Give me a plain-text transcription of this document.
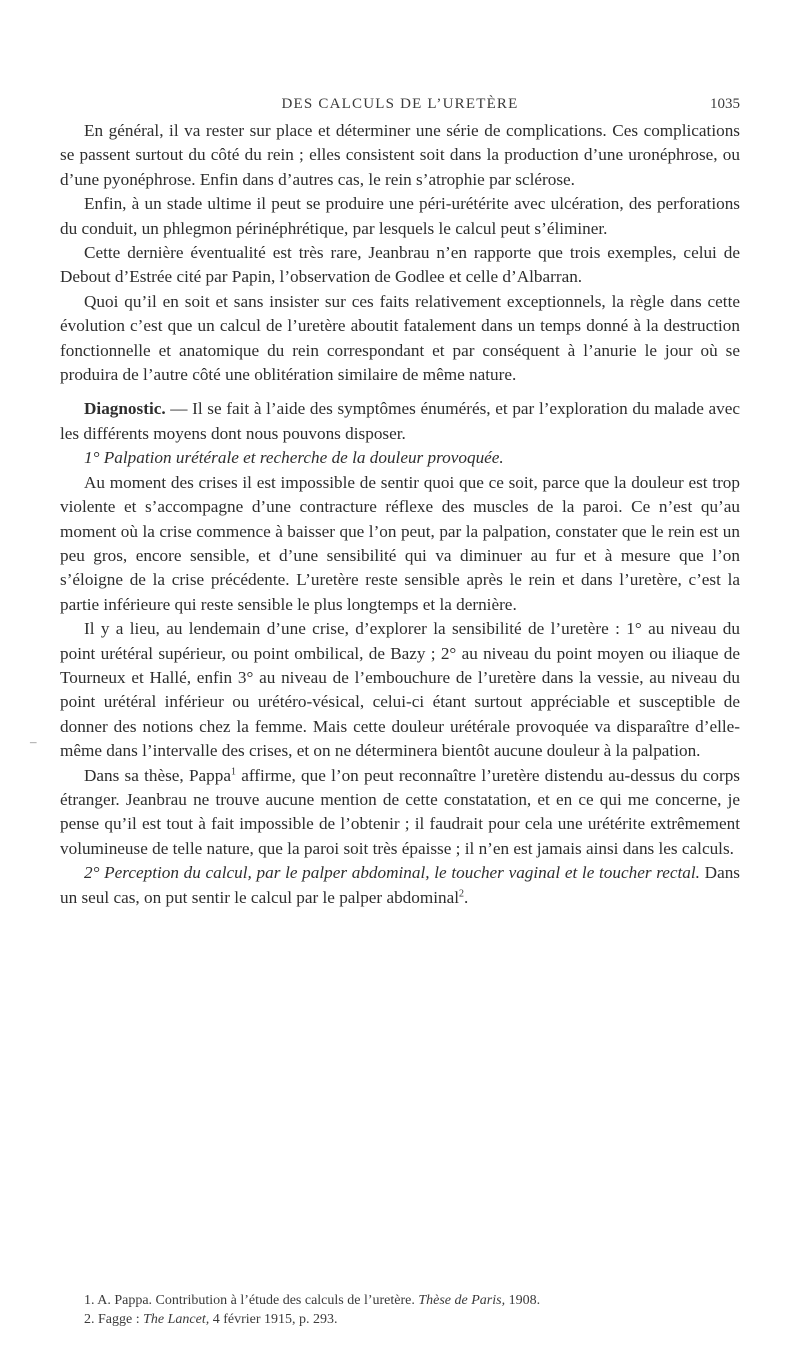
DES CALCULS DE L’URETÈRE	1035
–

En général, il va rester sur place et déterminer une série de complications. Ces complications se passent surtout du côté du rein ; elles consistent soit dans la production d’une uronéphrose, ou d’une pyonéphrose. Enfin dans d’autres cas, le rein s’atrophie par sclérose.

Enfin, à un stade ultime il peut se produire une péri-urétérite avec ulcération, des perforations du conduit, un phlegmon périnéphrétique, par lesquels le calcul peut s’éliminer.

Cette dernière éventualité est très rare, Jeanbrau n’en rapporte que trois exemples, celui de Debout d’Estrée cité par Papin, l’observation de Godlee et celle d’Albarran.

Quoi qu’il en soit et sans insister sur ces faits relativement exceptionnels, la règle dans cette évolution c’est que un calcul de l’uretère aboutit fatalement dans un temps donné à la destruction fonctionnelle et anatomique du rein correspondant et par conséquent à l’anurie le jour où se produira de l’autre côté une oblitération similaire de même nature.

Diagnostic. — Il se fait à l’aide des symptômes énumérés, et par l’exploration du malade avec les différents moyens dont nous pouvons disposer.

1° Palpation urétérale et recherche de la douleur provoquée.

Au moment des crises il est impossible de sentir quoi que ce soit, parce que la douleur est trop violente et s’accompagne d’une contracture réflexe des muscles de la paroi. Ce n’est qu’au moment où la crise commence à baisser que l’on peut, par la palpation, constater que le rein est un peu gros, encore sensible, et d’une sensibilité qui va diminuer au fur et à mesure que l’on s’éloigne de la crise précédente. L’uretère reste sensible après le rein et dans l’uretère, c’est la partie inférieure qui reste sensible le plus longtemps et la dernière.

Il y a lieu, au lendemain d’une crise, d’explorer la sensibilité de l’uretère : 1° au niveau du point urétéral supérieur, ou point ombilical, de Bazy ; 2° au niveau du point moyen ou iliaque de Tourneux et Hallé, enfin 3° au niveau de l’embouchure de l’uretère dans la vessie, au niveau du point urétéral inférieur ou urétéro-vésical, celui-ci étant surtout appréciable et susceptible de donner des notions chez la femme. Mais cette douleur urétérale provoquée va disparaître d’elle-même dans l’intervalle des crises, et on ne déterminera bientôt aucune douleur à la palpation.

Dans sa thèse, Pappa$^1$ affirme, que l’on peut reconnaître l’uretère distendu au-dessus du corps étranger. Jeanbrau ne trouve aucune mention de cette constatation, et en ce qui me concerne, je pense qu’il est tout à fait impossible de l’obtenir ; il faudrait pour cela une urétérite extrêmement volumineuse de telle nature, que la paroi soit très épaisse ; il n’en est jamais ainsi dans les calculs.

2° Perception du calcul, par le palper abdominal, le toucher vaginal et le toucher rectal. Dans un seul cas, on put sentir le calcul par le palper abdominal$^2$.

1. A. Pappa. Contribution à l’étude des calculs de l’uretère. Thèse de Paris, 1908.

2. Fagge : The Lancet, 4 février 1915, p. 293.
